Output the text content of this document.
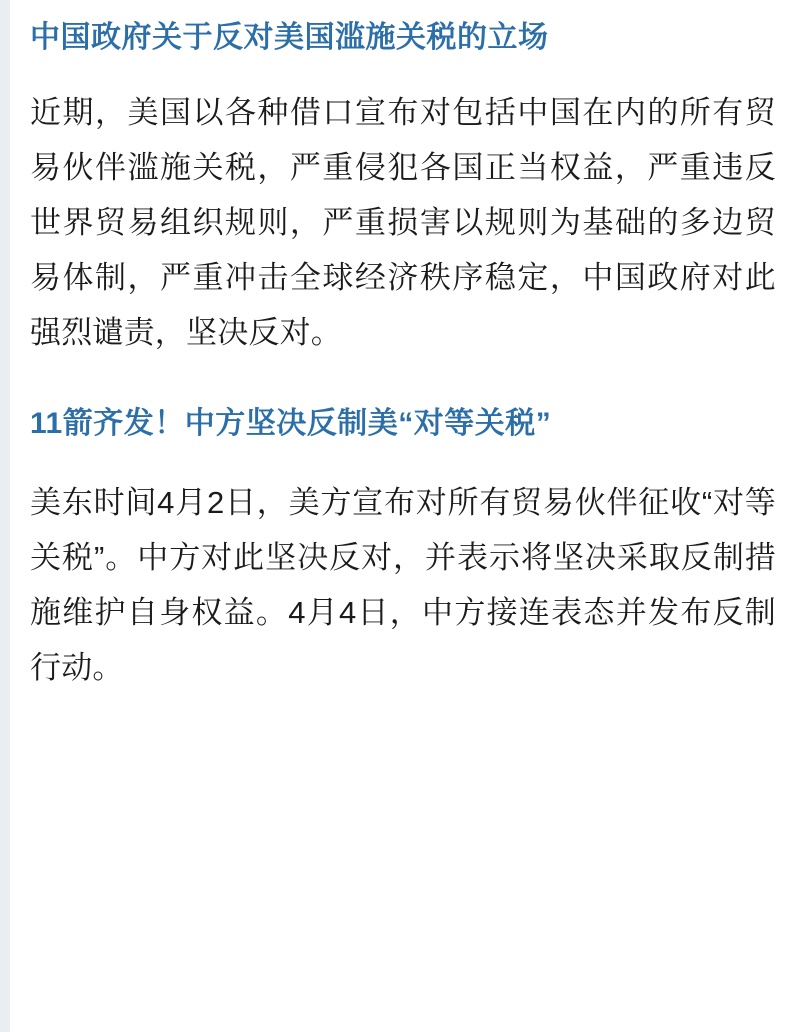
中国政府关于反对美国滥施关税的立场

近期，美国以各种借口宣布对包括中国在内的所有贸易伙伴滥施关税，严重侵犯各国正当权益，严重违反世界贸易组织规则，严重损害以规则为基础的多边贸易体制，严重冲击全球经济秩序稳定，中国政府对此强烈谴责，坚决反对。

11箭齐发！中方坚决反制美“对等关税”

美东时间4月2日，美方宣布对所有贸易伙伴征收“对等关税”。中方对此坚决反对，并表示将坚决采取反制措施维护自身权益。4月4日，中方接连表态并发布反制行动。
